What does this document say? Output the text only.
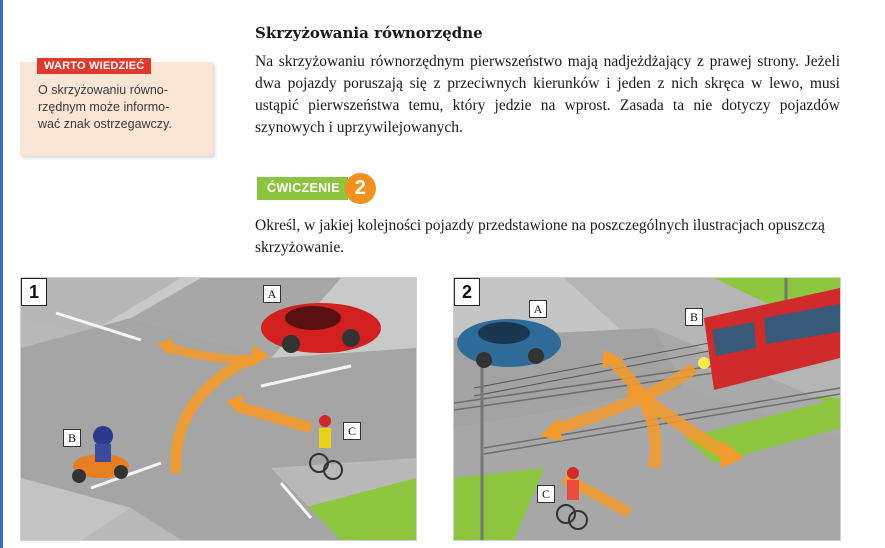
WARTO WIEDZIEĆ
O skrzyżowaniu równo-
rzędnym może informo-
wać znak ostrzegawczy.
Skrzyżowania równorzędne
Na skrzyżowaniu równorzędnym pierwszeństwo mają nadjeżdżający z prawej strony. Jeżeli dwa pojazdy poruszają się z przeciwnych kierunków i jeden z nich skręca w lewo, musi ustąpić pierwszeństwa temu, który jedzie na wprost. Zasada ta nie dotyczy pojazdów szynowych i uprzywilejowanych.
ĆWICZENIE 2
Określ, w jakiej kolejności pojazdy przedstawione na poszczególnych ilustracjach opuszczą skrzyżowanie.
1	A
B	C
2
A
B
C
